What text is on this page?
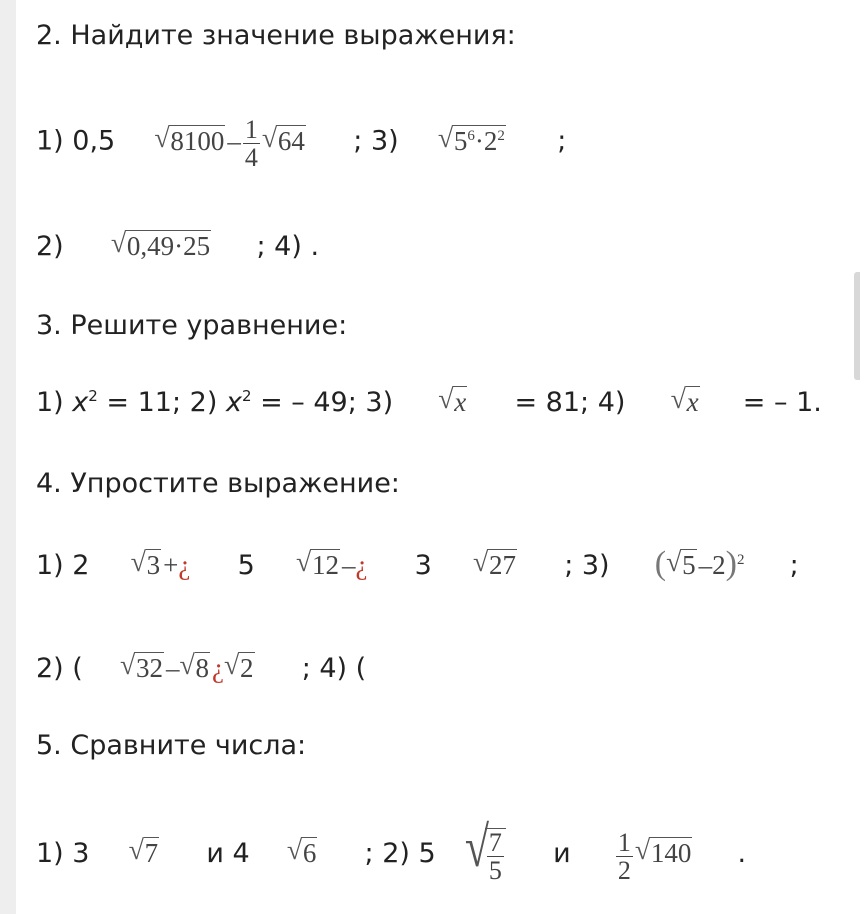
2. Найдите значение выражения:
1) 0,5 √ $8100 - \frac{1}{4}$ √ 64 ; 3) √ $5^6\cdot 2^2$ ;
2) √ 0,49·25 ; 4) .
3. Решите уравнение:
1) $x^2 = 11$; 2) $x^2$ = – 49; 3) √ x = 81; 4) √ x = – 1.
4. Упростите выражение:
1) 2 √ 3 +¿ 5 √ 12 –¿ 3 √ 27 ; 3) ( √ 5 –2)$^2$ ;
2) ( √ 32 – √ 8 ¿ √ 2 ; 4) (
5. Сравните числа:
1) 3 √ 7 и 4 √ 6 ; 2) 5 √ $\frac{7}{5}$ и $\frac{1}{2}$ √ 140 .
